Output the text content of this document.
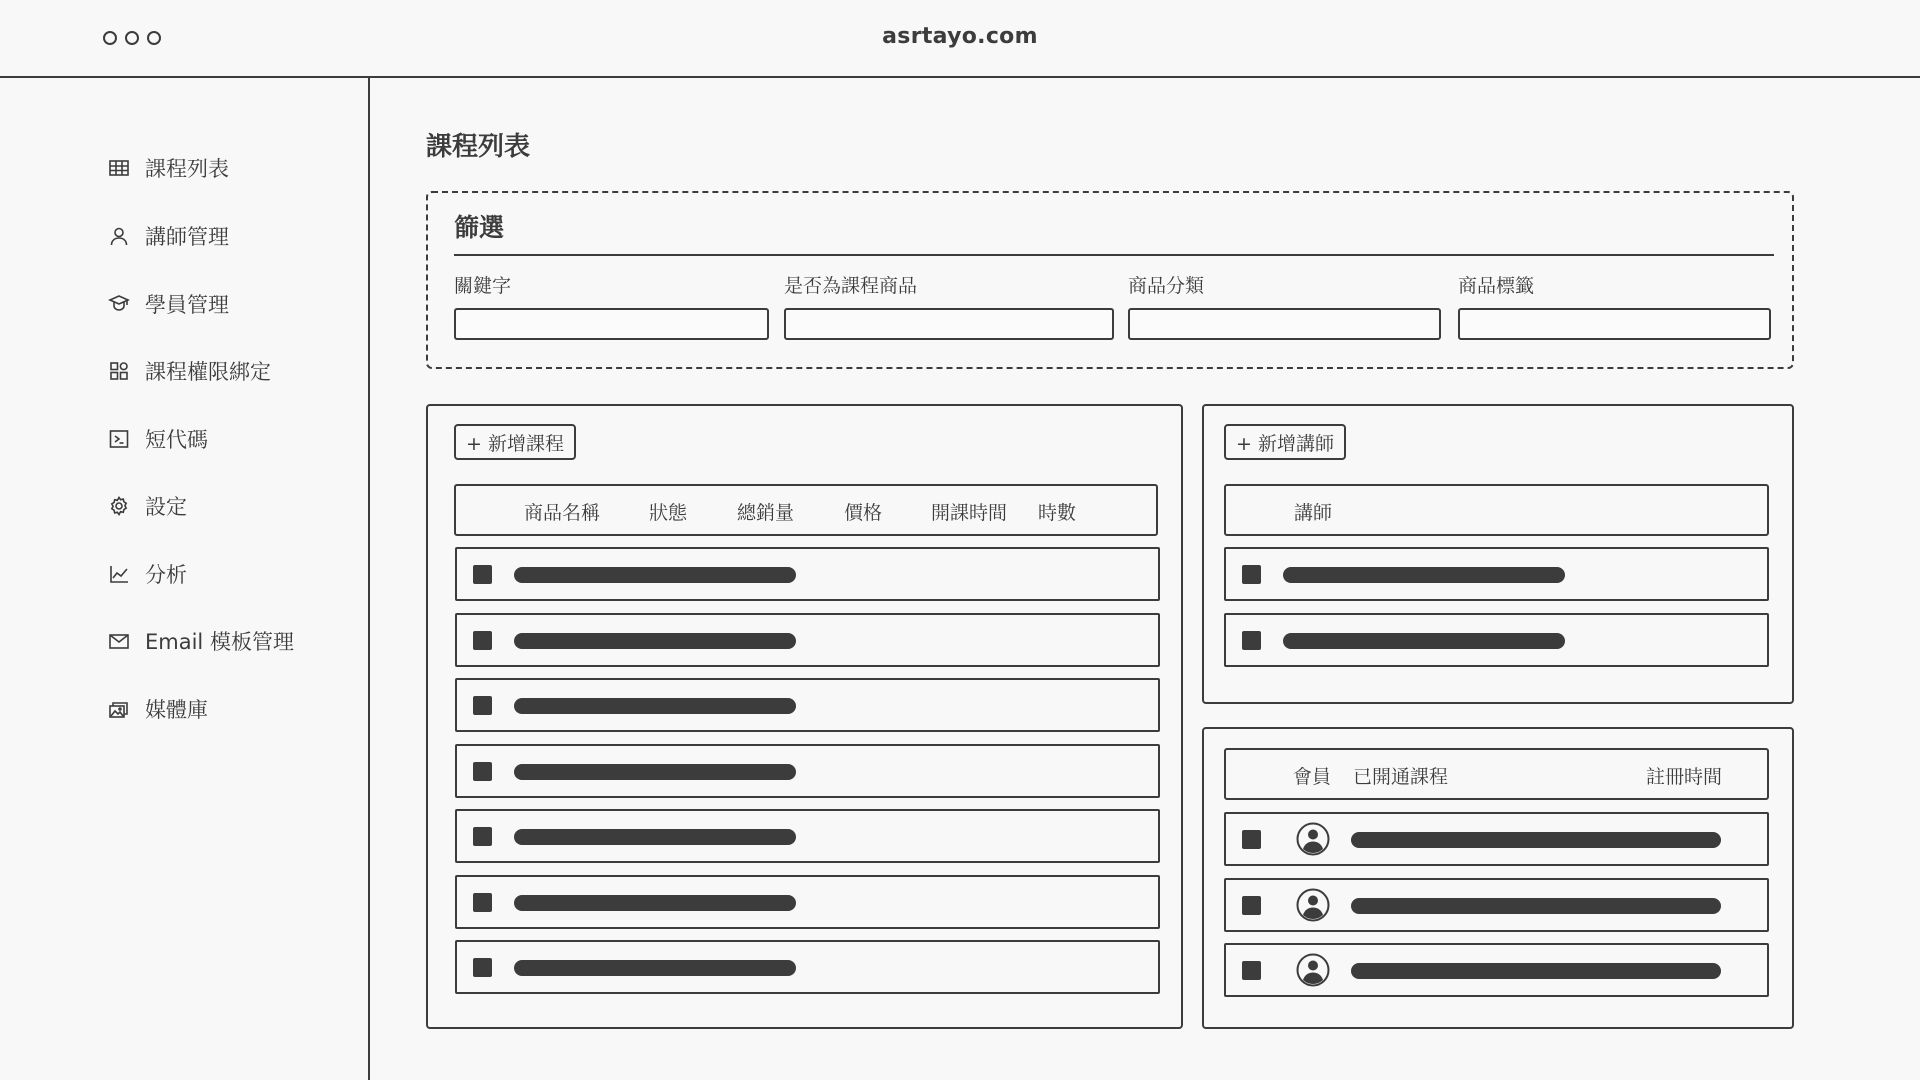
asrtayo.com
課程列表
講師管理
學員管理
課程權限綁定
短代碼
設定
分析
Email 模板管理
媒體庫
課程列表
篩選
關鍵字	是否為課程商品	商品分類	商品標籤
+ 新增課程
商品名稱	狀態	總銷量	價格	開課時間 時數
+ 新增講師
講師
會員 已開通課程	註冊時間
